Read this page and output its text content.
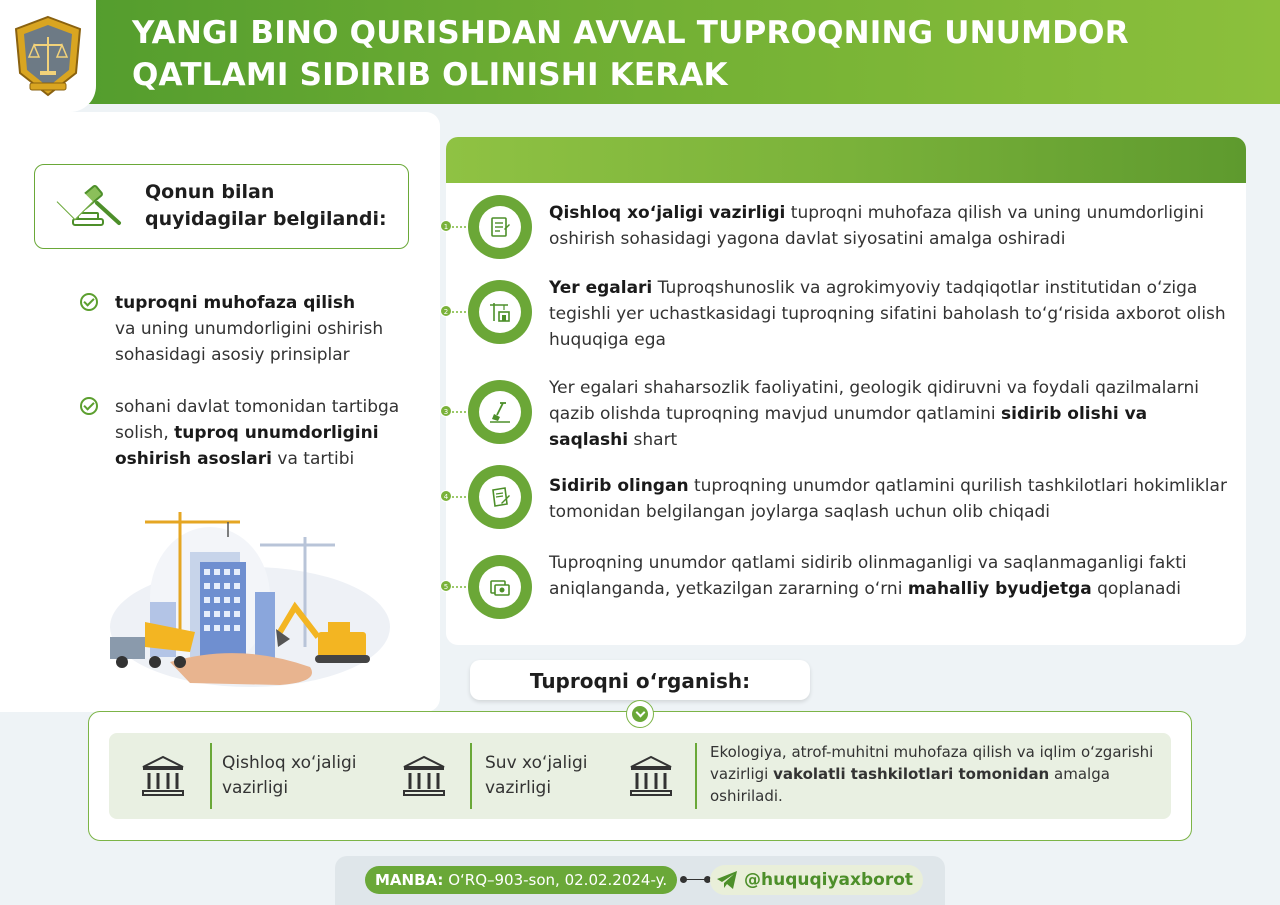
YANGI BINO QURISHDAN AVVAL TUPROQNING UNUMDOR
QATLAMI SIDIRIB OLINISHI KERAK
Qonun bilan
quyidagilar belgilandi:
tuproqni muhofaza qilish
va uning unumdorligini oshirish sohasidagi asosiy prinsiplar
sohani davlat tomonidan tartibga solish, tuproq unumdorligini oshirish asoslari va tartibi
1
Qishloq xoʻjaligi vazirligi tuproqni muhofaza qilish va uning unumdorligini oshirish sohasidagi yagona davlat siyosatini amalga oshiradi
2
Yer egalari Tuproqshunoslik va agrokimyoviy tadqiqotlar institutidan o‘ziga tegishli yer uchastkasidagi tuproqning sifatini baholash to‘g‘risida axborot olish huquqiga ega
3
Yer egalari shaharsozlik faoliyatini, geologik qidiruvni va foydali qazilmalarni qazib olishda tuproqning mavjud unumdor qatlamini sidirib olishi va saqlashi shart
4
Sidirib olingan tuproqning unumdor qatlamini qurilish tashkilotlari hokimliklar tomonidan belgilangan joylarga saqlash uchun olib chiqadi
5
Tuproqning unumdor qatlami sidirib olinmaganligi va saqlanmaganligi fakti aniqlanganda, yetkazilgan zararning o‘rni mahalliy byudjetga qoplanadi
Tuproqni o‘rganish:
Qishloq xoʻjaligi vazirligi
Suv xoʻjaligi vazirligi
Ekologiya, atrof-muhitni muhofaza qilish va iqlim oʻzgarishi vazirligi vakolatli tashkilotlari tomonidan amalga oshiriladi.
MANBA: O‘RQ–903-son, 02.02.2024-y.	@huquqiyaxborot
